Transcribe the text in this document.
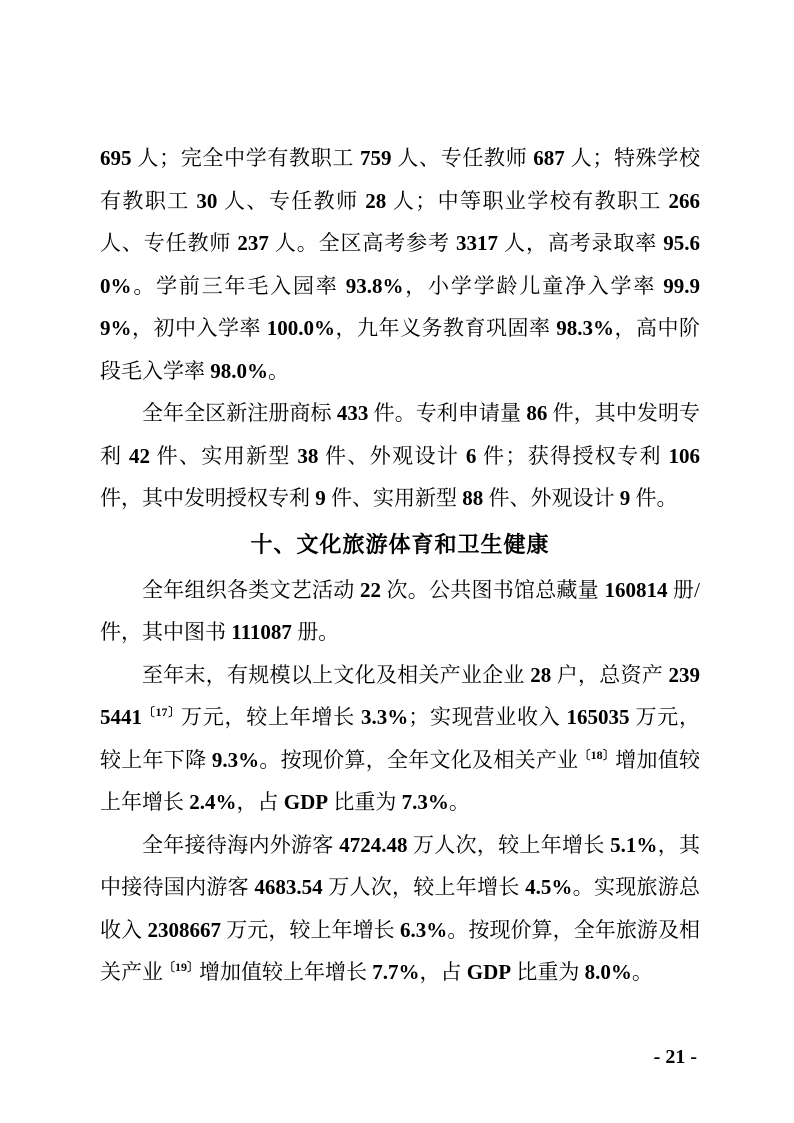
695 人；完全中学有教职工 759 人、专任教师 687 人；特殊学校有教职工 30 人、专任教师 28 人；中等职业学校有教职工 266 人、专任教师 237 人。全区高考参考 3317 人，高考录取率 95.60%。学前三年毛入园率 93.8%，小学学龄儿童净入学率 99.99%，初中入学率 100.0%，九年义务教育巩固率 98.3%，高中阶段毛入学率 98.0%。

全年全区新注册商标 433 件。专利申请量 86 件，其中发明专利 42 件、实用新型 38 件、外观设计 6 件；获得授权专利 106 件，其中发明授权专利 9 件、实用新型 88 件、外观设计 9 件。

十、文化旅游体育和卫生健康

全年组织各类文艺活动 22 次。公共图书馆总藏量 160814 册/件，其中图书 111087 册。

至年末，有规模以上文化及相关产业企业 28 户，总资产 $2395441^{〔17〕}$万元，较上年增长 3.3%；实现营业收入 165035 万元，较上年下降 9.3%。按现价算，全年文化及相关产业$^{〔18〕}$增加值较上年增长 2.4%，占 GDP 比重为 7.3%。

全年接待海内外游客 4724.48 万人次，较上年增长 5.1%，其中接待国内游客 4683.54 万人次，较上年增长 4.5%。实现旅游总收入 2308667 万元，较上年增长 6.3%。按现价算，全年旅游及相关产业$^{〔19〕}$增加值较上年增长 7.7%，占 GDP 比重为 8.0%。

- 21 -
